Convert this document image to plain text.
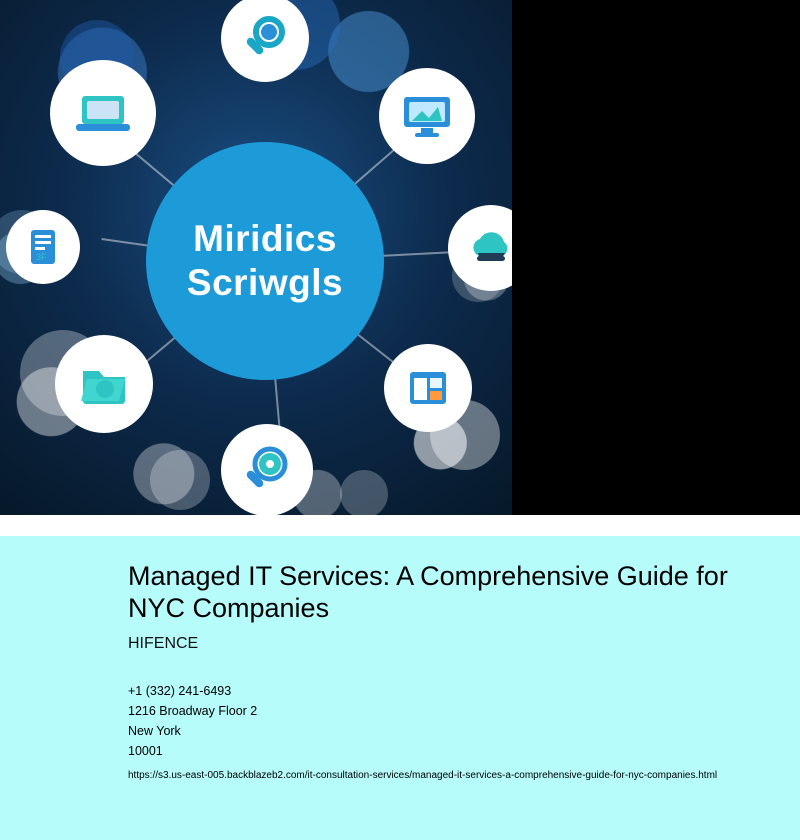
Miridics
Scriwgls
3F
Managed IT Services: A Comprehensive Guide for NYC Companies
HIFENCE
+1 (332) 241-6493
1216 Broadway Floor 2
New York
10001
https://s3.us-east-005.backblazeb2.com/it-consultation-services/managed-it-services-a-comprehensive-guide-for-nyc-companies.html
